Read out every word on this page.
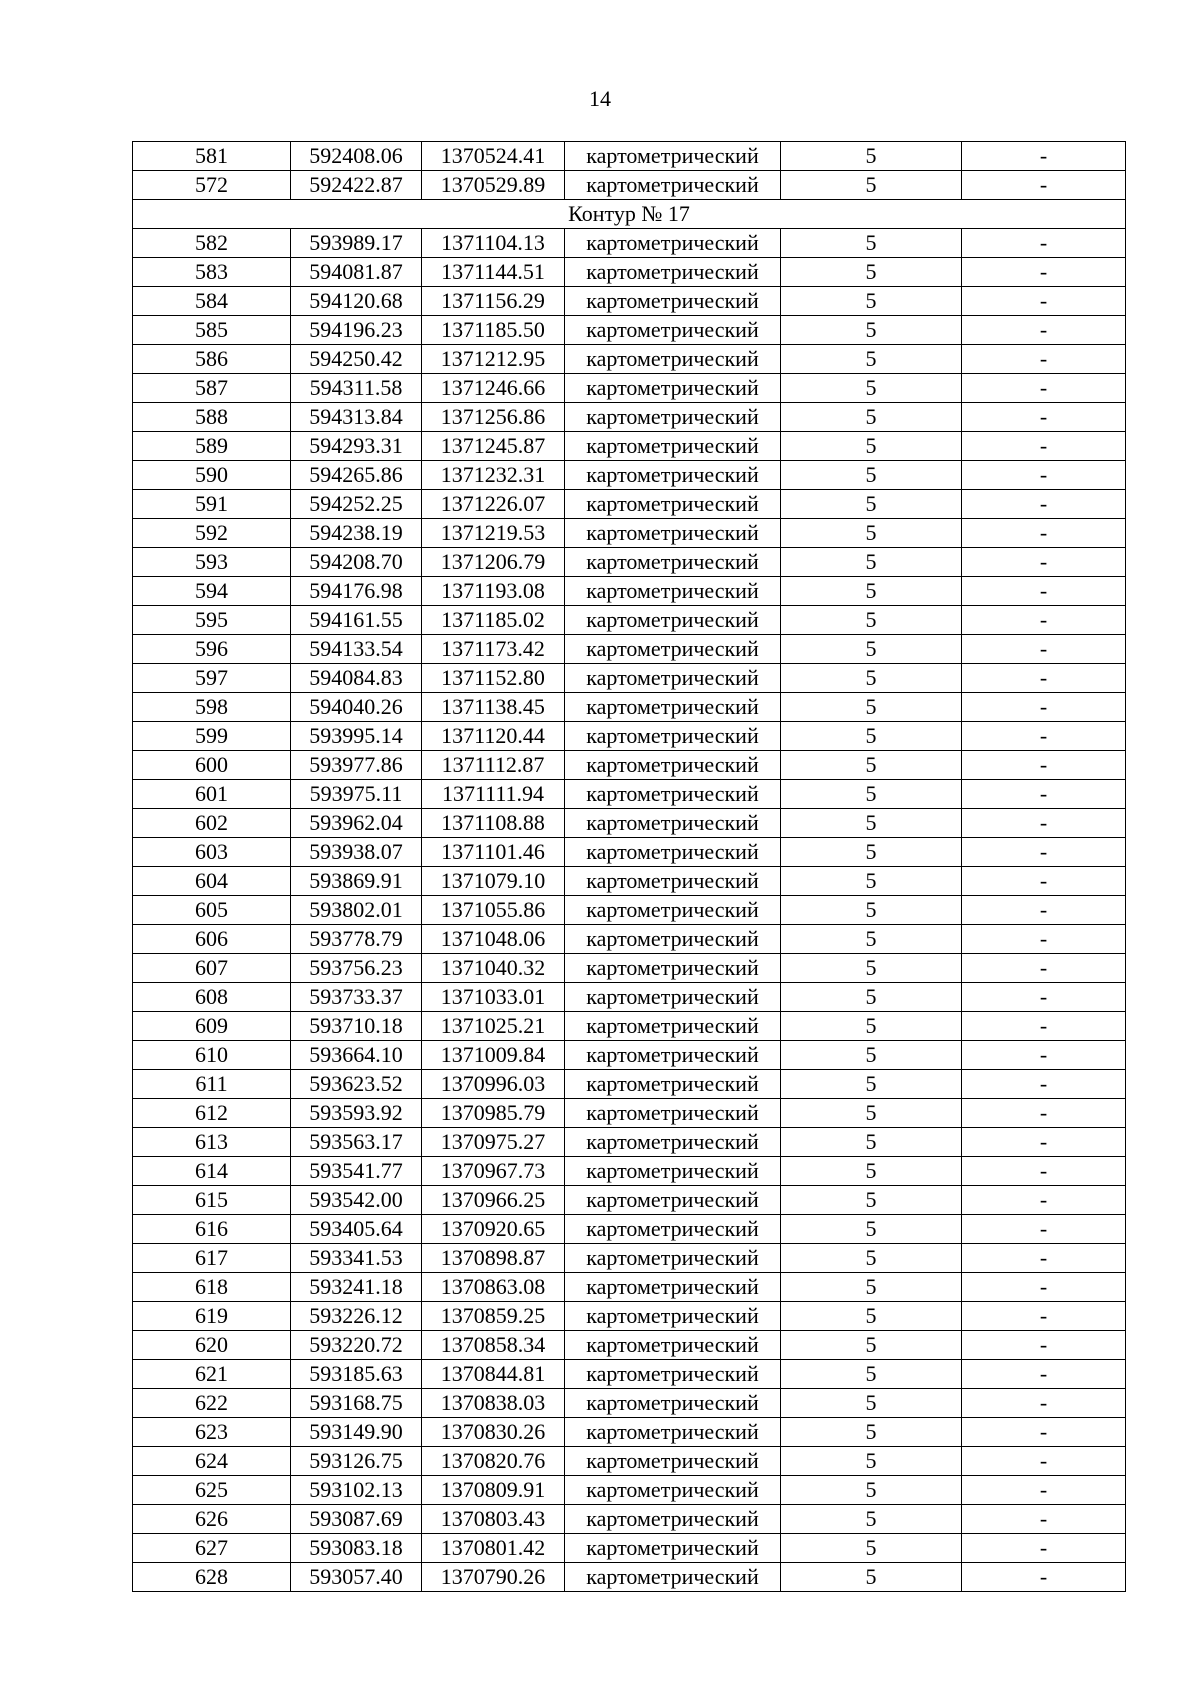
14
581	592408.06	1370524.41	картометрический	5	-
572	592422.87	1370529.89	картометрический	5	-
Контур № 17					
582	593989.17	1371104.13	картометрический	5	-
583	594081.87	1371144.51	картометрический	5	-
584	594120.68	1371156.29	картометрический	5	-
585	594196.23	1371185.50	картометрический	5	-
586	594250.42	1371212.95	картометрический	5	-
587	594311.58	1371246.66	картометрический	5	-
588	594313.84	1371256.86	картометрический	5	-
589	594293.31	1371245.87	картометрический	5	-
590	594265.86	1371232.31	картометрический	5	-
591	594252.25	1371226.07	картометрический	5	-
592	594238.19	1371219.53	картометрический	5	-
593	594208.70	1371206.79	картометрический	5	-
594	594176.98	1371193.08	картометрический	5	-
595	594161.55	1371185.02	картометрический	5	-
596	594133.54	1371173.42	картометрический	5	-
597	594084.83	1371152.80	картометрический	5	-
598	594040.26	1371138.45	картометрический	5	-
599	593995.14	1371120.44	картометрический	5	-
600	593977.86	1371112.87	картометрический	5	-
601	593975.11	1371111.94	картометрический	5	-
602	593962.04	1371108.88	картометрический	5	-
603	593938.07	1371101.46	картометрический	5	-
604	593869.91	1371079.10	картометрический	5	-
605	593802.01	1371055.86	картометрический	5	-
606	593778.79	1371048.06	картометрический	5	-
607	593756.23	1371040.32	картометрический	5	-
608	593733.37	1371033.01	картометрический	5	-
609	593710.18	1371025.21	картометрический	5	-
610	593664.10	1371009.84	картометрический	5	-
611	593623.52	1370996.03	картометрический	5	-
612	593593.92	1370985.79	картометрический	5	-
613	593563.17	1370975.27	картометрический	5	-
614	593541.77	1370967.73	картометрический	5	-
615	593542.00	1370966.25	картометрический	5	-
616	593405.64	1370920.65	картометрический	5	-
617	593341.53	1370898.87	картометрический	5	-
618	593241.18	1370863.08	картометрический	5	-
619	593226.12	1370859.25	картометрический	5	-
620	593220.72	1370858.34	картометрический	5	-
621	593185.63	1370844.81	картометрический	5	-
622	593168.75	1370838.03	картометрический	5	-
623	593149.90	1370830.26	картометрический	5	-
624	593126.75	1370820.76	картометрический	5	-
625	593102.13	1370809.91	картометрический	5	-
626	593087.69	1370803.43	картометрический	5	-
627	593083.18	1370801.42	картометрический	5	-
628	593057.40	1370790.26	картометрический	5	-
